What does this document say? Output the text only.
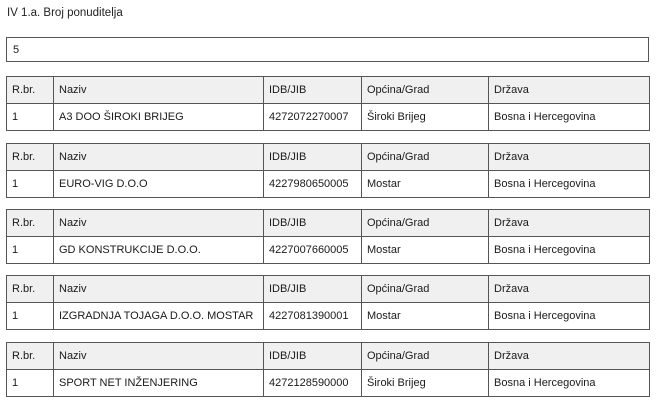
IV 1.a. Broj ponuditelja
5
R.br.	Naziv	IDB/JIB	Općina/Grad	Država
1	A3 DOO ŠIROKI BRIJEG	4272072270007	Široki Brijeg	Bosna i Hercegovina
R.br.	Naziv	IDB/JIB	Općina/Grad	Država
1	EURO-VIG D.O.O	4227980650005	Mostar	Bosna i Hercegovina
R.br.	Naziv	IDB/JIB	Općina/Grad	Država
1	GD KONSTRUKCIJE D.O.O.	4227007660005	Mostar	Bosna i Hercegovina
R.br.	Naziv	IDB/JIB	Općina/Grad	Država
1	IZGRADNJA TOJAGA D.O.O. MOSTAR	4227081390001	Mostar	Bosna i Hercegovina
R.br.	Naziv	IDB/JIB	Općina/Grad	Država
1	SPORT NET INŽENJERING	4272128590000	Široki Brijeg	Bosna i Hercegovina
